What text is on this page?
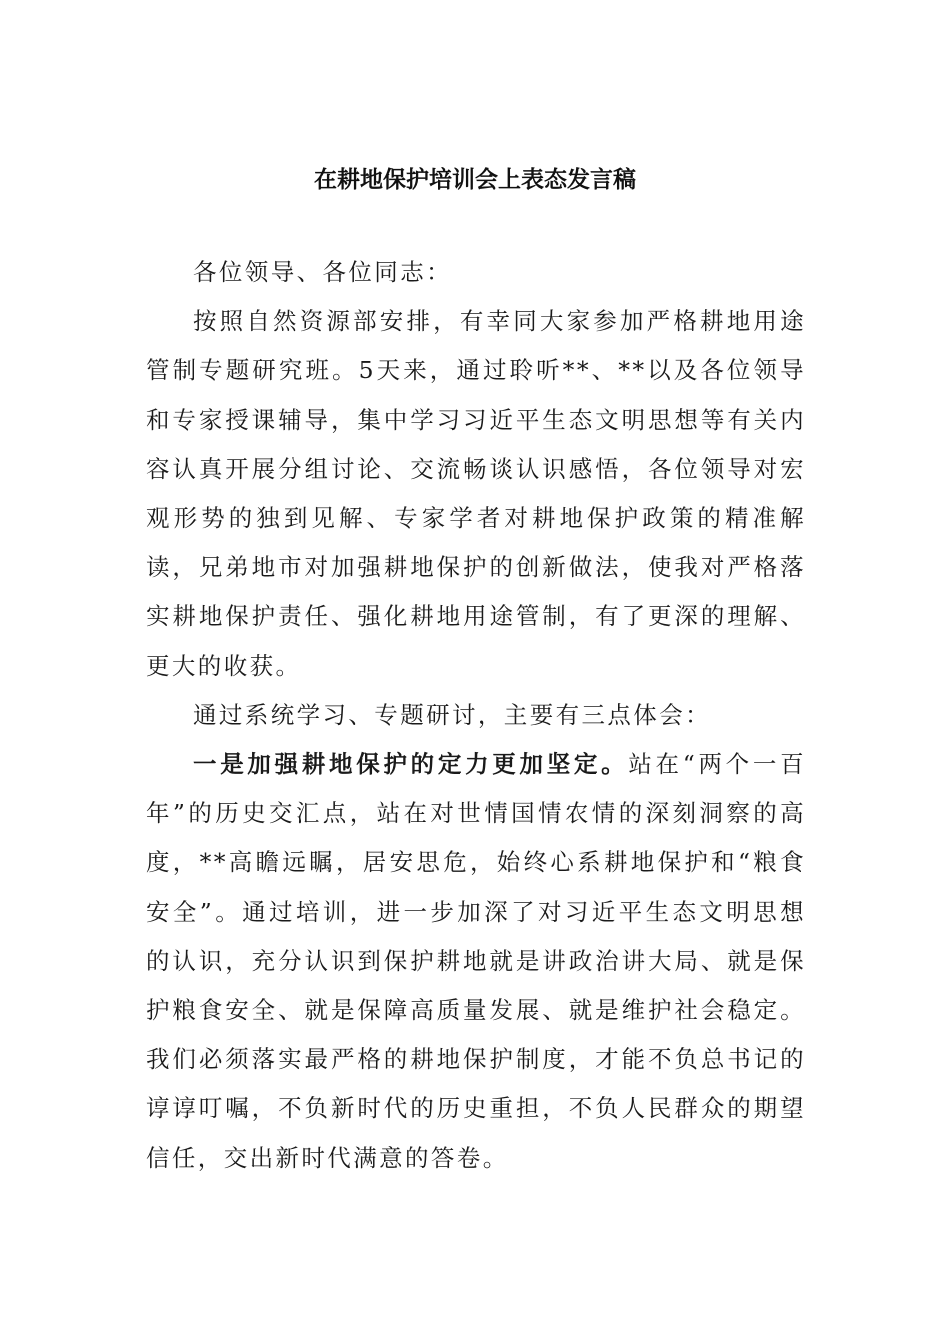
在耕地保护培训会上表态发言稿

各位领导、各位同志：

按照自然资源部安排，有幸同大家参加严格耕地用途管制专题研究班。5天来，通过聆听**、**以及各位领导和专家授课辅导，集中学习习近平生态文明思想等有关内容认真开展分组讨论、交流畅谈认识感悟，各位领导对宏观形势的独到见解、专家学者对耕地保护政策的精准解读，兄弟地市对加强耕地保护的创新做法，使我对严格落实耕地保护责任、强化耕地用途管制，有了更深的理解、更大的收获。

通过系统学习、专题研讨，主要有三点体会：

一是加强耕地保护的定力更加坚定。站在“两个一百年”的历史交汇点，站在对世情国情农情的深刻洞察的高度，**高瞻远瞩，居安思危，始终心系耕地保护和“粮食安全”。通过培训，进一步加深了对习近平生态文明思想的认识，充分认识到保护耕地就是讲政治讲大局、就是保护粮食安全、就是保障高质量发展、就是维护社会稳定。我们必须落实最严格的耕地保护制度，才能不负总书记的谆谆叮嘱，不负新时代的历史重担，不负人民群众的期望信任，交出新时代满意的答卷。
